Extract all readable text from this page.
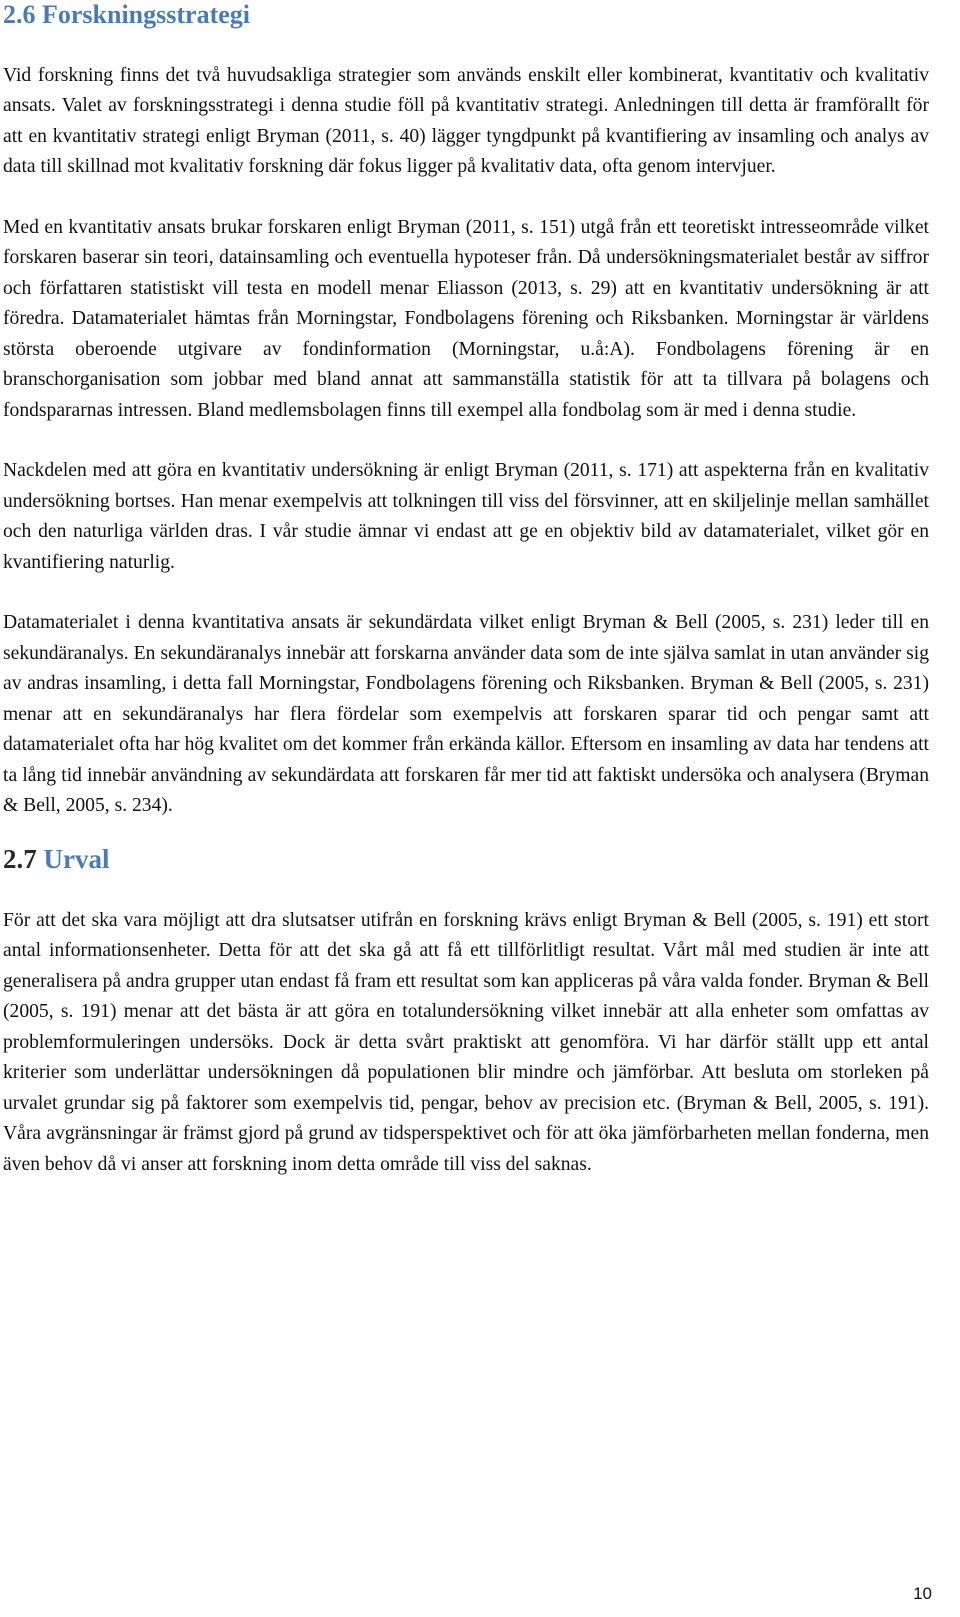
2.6 Forskningsstrategi

Vid forskning finns det två huvudsakliga strategier som används enskilt eller kombinerat, kvantitativ och kvalitativ ansats. Valet av forskningsstrategi i denna studie föll på kvantitativ strategi. Anledningen till detta är framförallt för att en kvantitativ strategi enligt Bryman (2011, s. 40) lägger tyngdpunkt på kvantifiering av insamling och analys av data till skillnad mot kvalitativ forskning där fokus ligger på kvalitativ data, ofta genom intervjuer.

Med en kvantitativ ansats brukar forskaren enligt Bryman (2011, s. 151) utgå från ett teoretiskt intresseområde vilket forskaren baserar sin teori, datainsamling och eventuella hypoteser från. Då undersökningsmaterialet består av siffror och författaren statistiskt vill testa en modell menar Eliasson (2013, s. 29) att en kvantitativ undersökning är att föredra. Datamaterialet hämtas från Morningstar, Fondbolagens förening och Riksbanken. Morningstar är världens största oberoende utgivare av fondinformation (Morningstar, u.å:A). Fondbolagens förening är en branschorganisation som jobbar med bland annat att sammanställa statistik för att ta tillvara på bolagens och fondspararnas intressen. Bland medlemsbolagen finns till exempel alla fondbolag som är med i denna studie.

Nackdelen med att göra en kvantitativ undersökning är enligt Bryman (2011, s. 171) att aspekterna från en kvalitativ undersökning bortses. Han menar exempelvis att tolkningen till viss del försvinner, att en skiljelinje mellan samhället och den naturliga världen dras. I vår studie ämnar vi endast att ge en objektiv bild av datamaterialet, vilket gör en kvantifiering naturlig.

Datamaterialet i denna kvantitativa ansats är sekundärdata vilket enligt Bryman & Bell (2005, s. 231) leder till en sekundäranalys. En sekundäranalys innebär att forskarna använder data som de inte själva samlat in utan använder sig av andras insamling, i detta fall Morningstar, Fondbolagens förening och Riksbanken. Bryman & Bell (2005, s. 231) menar att en sekundäranalys har flera fördelar som exempelvis att forskaren sparar tid och pengar samt att datamaterialet ofta har hög kvalitet om det kommer från erkända källor. Eftersom en insamling av data har tendens att ta lång tid innebär användning av sekundärdata att forskaren får mer tid att faktiskt undersöka och analysera (Bryman & Bell, 2005, s. 234).

2.7 Urval

För att det ska vara möjligt att dra slutsatser utifrån en forskning krävs enligt Bryman & Bell (2005, s. 191) ett stort antal informationsenheter. Detta för att det ska gå att få ett tillförlitligt resultat. Vårt mål med studien är inte att generalisera på andra grupper utan endast få fram ett resultat som kan appliceras på våra valda fonder. Bryman & Bell (2005, s. 191) menar att det bästa är att göra en totalundersökning vilket innebär att alla enheter som omfattas av problemformuleringen undersöks. Dock är detta svårt praktiskt att genomföra. Vi har därför ställt upp ett antal kriterier som underlättar undersökningen då populationen blir mindre och jämförbar. Att besluta om storleken på urvalet grundar sig på faktorer som exempelvis tid, pengar, behov av precision etc. (Bryman & Bell, 2005, s. 191). Våra avgränsningar är främst gjord på grund av tidsperspektivet och för att öka jämförbarheten mellan fonderna, men även behov då vi anser att forskning inom detta område till viss del saknas.

10
